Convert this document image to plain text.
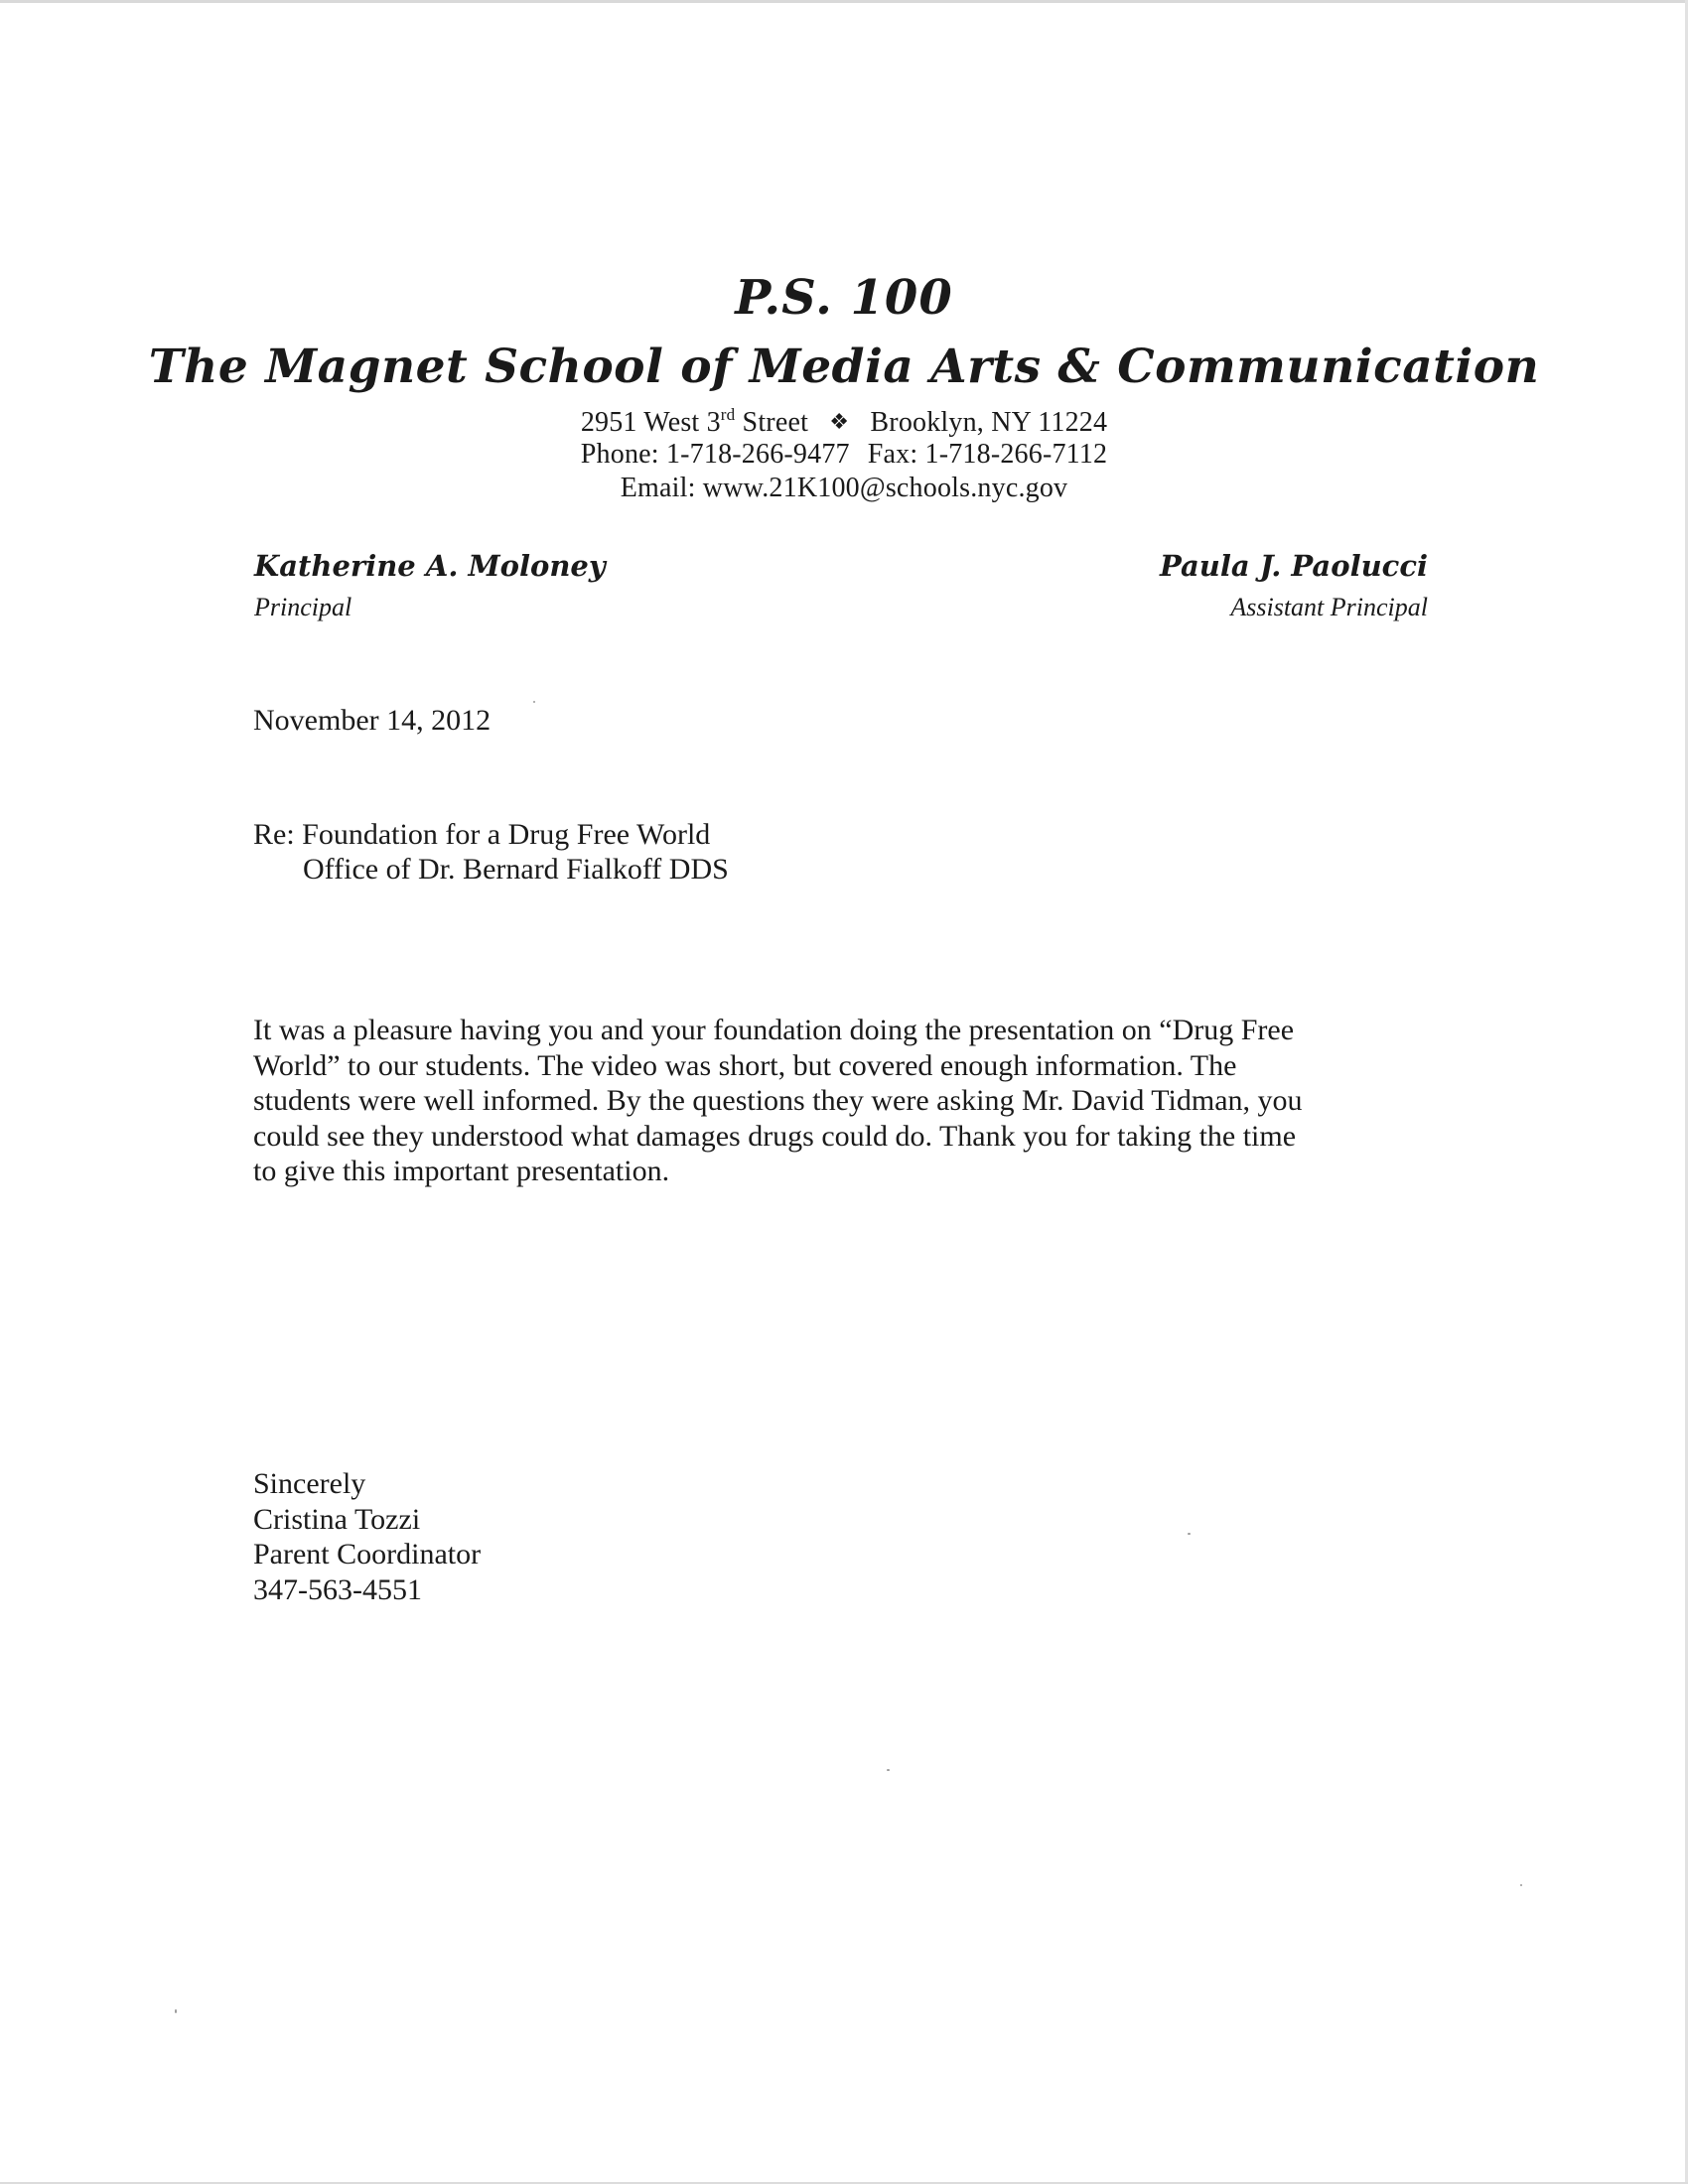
P.S. 100
The Magnet School of Media Arts & Communication
2951 West 3rd Street ❖ Brooklyn, NY 11224
Phone: 1-718-266-9477 Fax: 1-718-266-7112
Email: www.21K100@schools.nyc.gov
Katherine A. Moloney
Principal
Paula J. Paolucci
Assistant Principal
November 14, 2012
Re: Foundation for a Drug Free World
Office of Dr. Bernard Fialkoff DDS
It was a pleasure having you and your foundation doing the presentation on “Drug Free
World” to our students. The video was short, but covered enough information. The
students were well informed. By the questions they were asking Mr. David Tidman, you
could see they understood what damages drugs could do. Thank you for taking the time
to give this important presentation.
Sincerely
Cristina Tozzi
Parent Coordinator
347-563-4551
